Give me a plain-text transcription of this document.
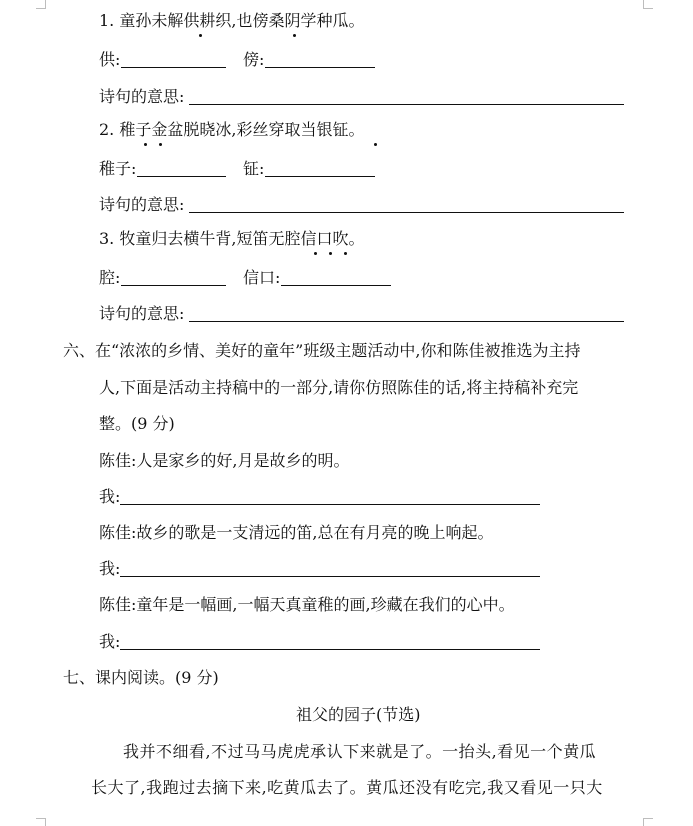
1. 童孙未解供耕织,也傍桑阴学种瓜。
供:	傍:
诗句的意思:
2. 稚子金盆脱晓冰,彩丝穿取当银钲。
稚子:	钲:
诗句的意思:
3. 牧童归去横牛背,短笛无腔信口吹。
腔:	信口:
诗句的意思:
六、在“浓浓的乡情、美好的童年”班级主题活动中,你和陈佳被推选为主持
人,下面是活动主持稿中的一部分,请你仿照陈佳的话,将主持稿补充完
整。(9 分)
陈佳:人是家乡的好,月是故乡的明。
我:
陈佳:故乡的歌是一支清远的笛,总在有月亮的晚上响起。
我:
陈佳:童年是一幅画,一幅天真童稚的画,珍藏在我们的心中。
我:
七、课内阅读。(9 分)
祖父的园子(节选)
我并不细看,不过马马虎虎承认下来就是了。一抬头,看见一个黄瓜
长大了,我跑过去摘下来,吃黄瓜去了。黄瓜还没有吃完,我又看见一只大
